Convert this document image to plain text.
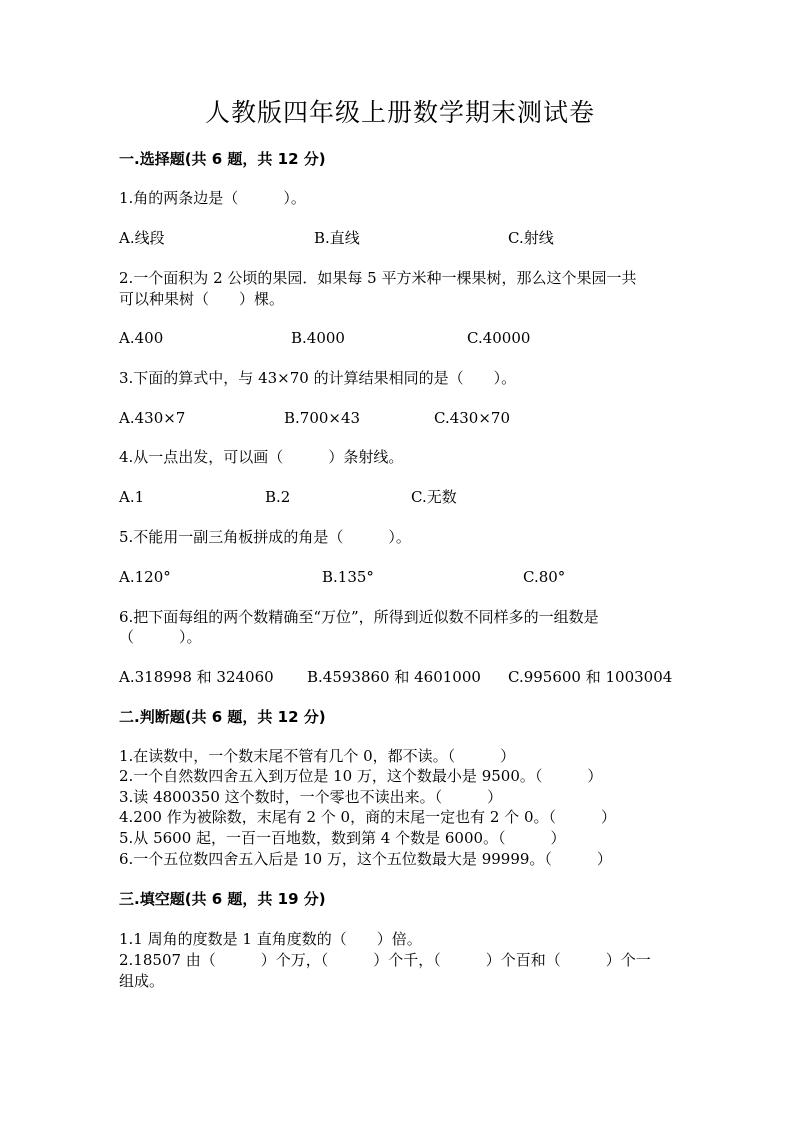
人教版四年级上册数学期末测试卷
一.选择题(共 6 题，共 12 分)
1.角的两条边是（　　　）。
A.线段	B.直线	C.射线
2.一个面积为 2 公顷的果园．如果每 5 平方米种一棵果树，那么这个果园一共
可以种果树（　　）棵。
A.400	B.4000	C.40000
3.下面的算式中，与 43×70 的计算结果相同的是（　　）。
A.430×7	B.700×43	C.430×70
4.从一点出发，可以画（　　　）条射线。
A.1	B.2	C.无数
5.不能用一副三角板拼成的角是（　　　）。
A.120°	B.135°	C.80°
6.把下面每组的两个数精确至“万位”，所得到近似数不同样多的一组数是
（　　　）。
A.318998 和 324060 B.4593860 和 4601000 C.995600 和 1003004
二.判断题(共 6 题，共 12 分)
1.在读数中，一个数末尾不管有几个 0，都不读。（　　　）
2.一个自然数四舍五入到万位是 10 万，这个数最小是 9500。（　　　）
3.读 4800350 这个数时，一个零也不读出来。（　　　）
4.200 作为被除数，末尾有 2 个 0，商的末尾一定也有 2 个 0。（　　　）
5.从 5600 起，一百一百地数，数到第 4 个数是 6000。（　　　）
6.一个五位数四舍五入后是 10 万，这个五位数最大是 99999。（　　　）
三.填空题(共 6 题，共 19 分)
1.1 周角的度数是 1 直角度数的（　　）倍。
2.18507 由（　　　）个万，（　　　）个千，（　　　）个百和（　　　）个一
组成。
